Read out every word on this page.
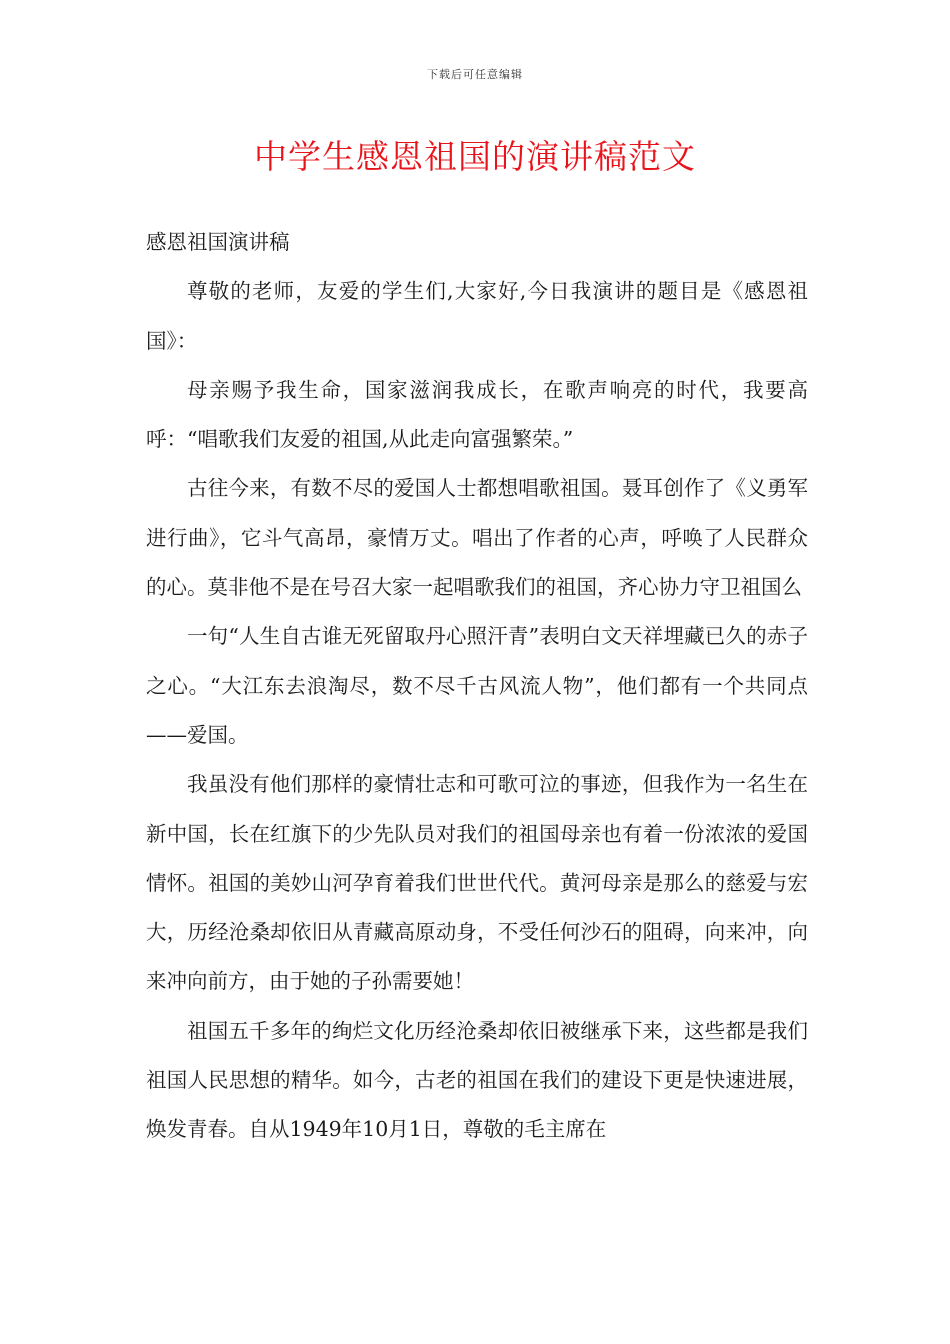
下载后可任意编辑
中学生感恩祖国的演讲稿范文

感恩祖国演讲稿

尊敬的老师，友爱的学生们,大家好,今日我演讲的题目是《感恩祖国》：

母亲赐予我生命，国家滋润我成长，在歌声响亮的时代，我要高呼：“唱歌我们友爱的祖国,从此走向富强繁荣。”

古往今来，有数不尽的爱国人士都想唱歌祖国。聂耳创作了《义勇军进行曲》，它斗气高昂，豪情万丈。唱出了作者的心声，呼唤了人民群众的心。莫非他不是在号召大家一起唱歌我们的祖国，齐心协力守卫祖国么

一句“人生自古谁无死留取丹心照汗青”表明白文天祥埋藏已久的赤子之心。“大江东去浪淘尽，数不尽千古风流人物”，他们都有一个共同点——爱国。

我虽没有他们那样的豪情壮志和可歌可泣的事迹，但我作为一名生在新中国，长在红旗下的少先队员对我们的祖国母亲也有着一份浓浓的爱国情怀。祖国的美妙山河孕育着我们世世代代。黄河母亲是那么的慈爱与宏大，历经沧桑却依旧从青藏高原动身，不受任何沙石的阻碍，向来冲，向来冲向前方，由于她的子孙需要她！

祖国五千多年的绚烂文化历经沧桑却依旧被继承下来，这些都是我们祖国人民思想的精华。如今，古老的祖国在我们的建设下更是快速进展，焕发青春。自从1949年10月1日，尊敬的毛主席在
